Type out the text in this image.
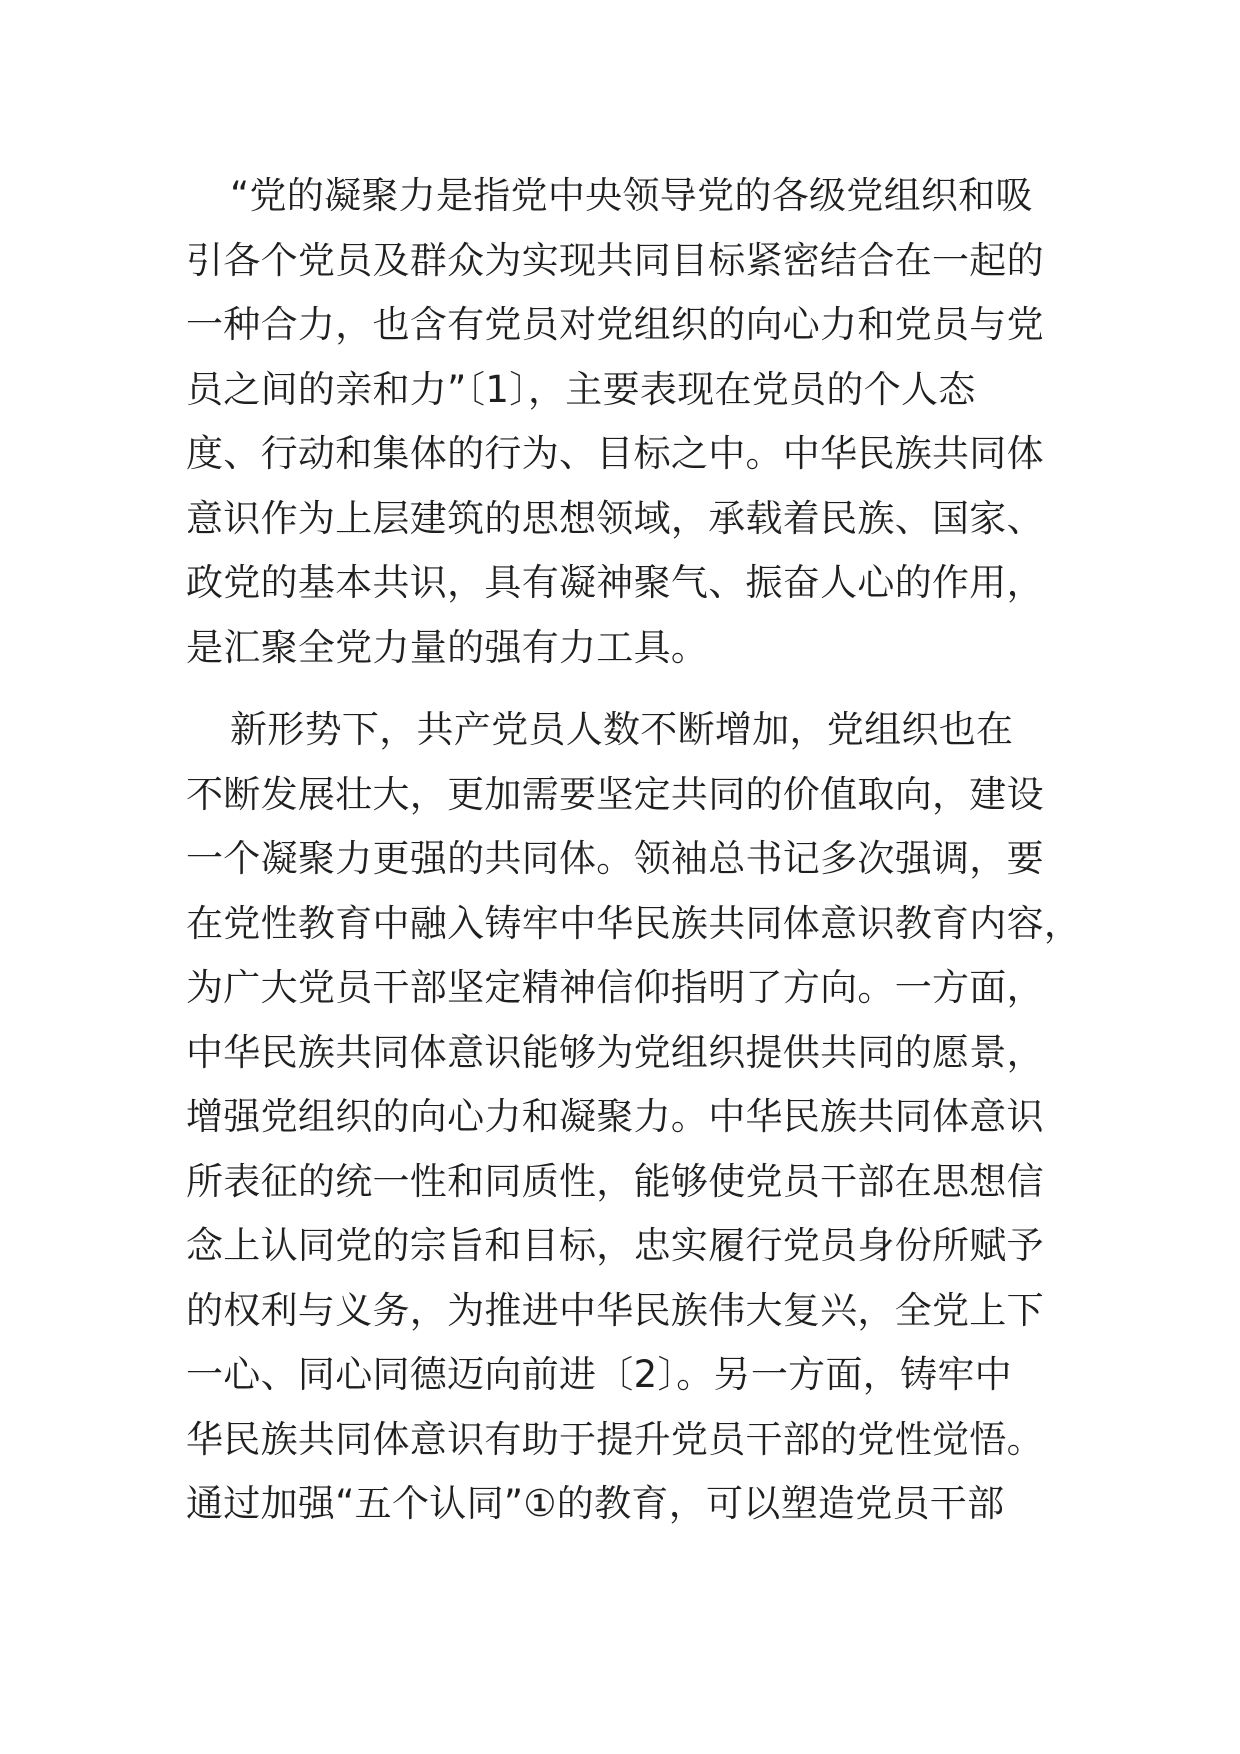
“党的凝聚力是指党中央领导党的各级党组织和吸
引各个党员及群众为实现共同目标紧密结合在一起的
一种合力，也含有党员对党组织的向心力和党员与党
员之间的亲和力”〔1〕，主要表现在党员的个人态
度、行动和集体的行为、目标之中。中华民族共同体
意识作为上层建筑的思想领域，承载着民族、国家、
政党的基本共识，具有凝神聚气、振奋人心的作用，
是汇聚全党力量的强有力工具。

新形势下，共产党员人数不断增加，党组织也在
不断发展壮大，更加需要坚定共同的价值取向，建设
一个凝聚力更强的共同体。领袖总书记多次强调，要
在党性教育中融入铸牢中华民族共同体意识教育内容，
为广大党员干部坚定精神信仰指明了方向。一方面，
中华民族共同体意识能够为党组织提供共同的愿景，
增强党组织的向心力和凝聚力。中华民族共同体意识
所表征的统一性和同质性，能够使党员干部在思想信
念上认同党的宗旨和目标，忠实履行党员身份所赋予
的权利与义务，为推进中华民族伟大复兴，全党上下
一心、同心同德迈向前进〔2〕。另一方面，铸牢中
华民族共同体意识有助于提升党员干部的党性觉悟。
通过加强“五个认同”①的教育，可以塑造党员干部
